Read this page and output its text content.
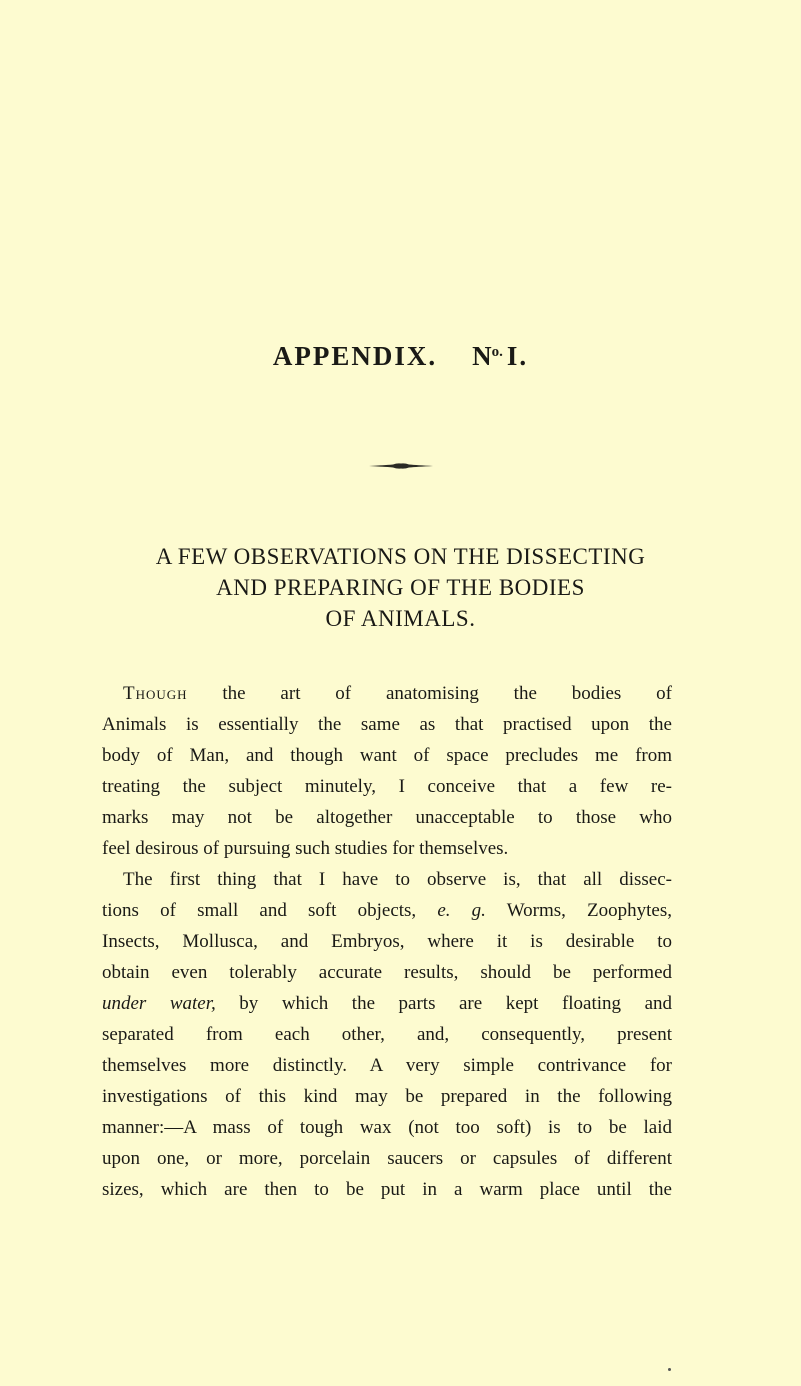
APPENDIX. $N^{o.}$ I.
A FEW OBSERVATIONS ON THE DISSECTING
AND PREPARING OF THE BODIES
OF ANIMALS.
Though the art of anatomising the bodies of
Animals is essentially the same as that practised upon the
body of Man, and though want of space precludes me from
treating the subject minutely, I conceive that a few re-
marks may not be altogether unacceptable to those who
feel desirous of pursuing such studies for themselves.
The first thing that I have to observe is, that all dissec-
tions of small and soft objects, e. g. Worms, Zoophytes,
Insects, Mollusca, and Embryos, where it is desirable to
obtain even tolerably accurate results, should be performed
under water, by which the parts are kept floating and
separated from each other, and, consequently, present
themselves more distinctly. A very simple contrivance for
investigations of this kind may be prepared in the following
manner:—A mass of tough wax (not too soft) is to be laid
upon one, or more, porcelain saucers or capsules of different
sizes, which are then to be put in a warm place until the
